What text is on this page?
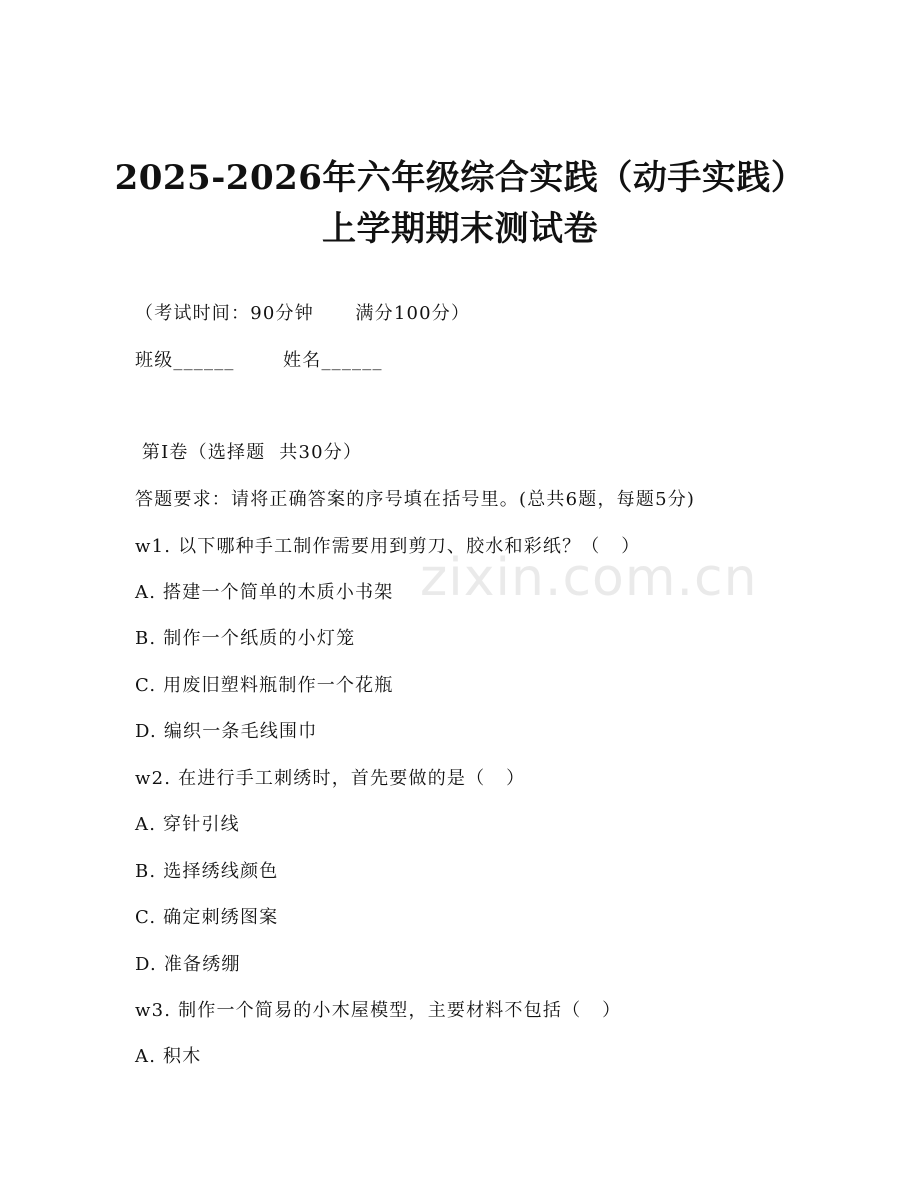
2025-2026年六年级综合实践（动手实践）
上学期期末测试卷
（考试时间：90分钟      满分100分）
班级______       姓名______
第Ⅰ卷（选择题  共30分）
答题要求：请将正确答案的序号填在括号里。(总共6题，每题5分)
w1. 以下哪种手工制作需要用到剪刀、胶水和彩纸？（   ）
A. 搭建一个简单的木质小书架
B. 制作一个纸质的小灯笼
C. 用废旧塑料瓶制作一个花瓶
D. 编织一条毛线围巾
w2. 在进行手工刺绣时，首先要做的是（   ）
A. 穿针引线
B. 选择绣线颜色
C. 确定刺绣图案
D. 准备绣绷
w3. 制作一个简易的小木屋模型，主要材料不包括（   ）
A. 积木
zixin.com.cn
